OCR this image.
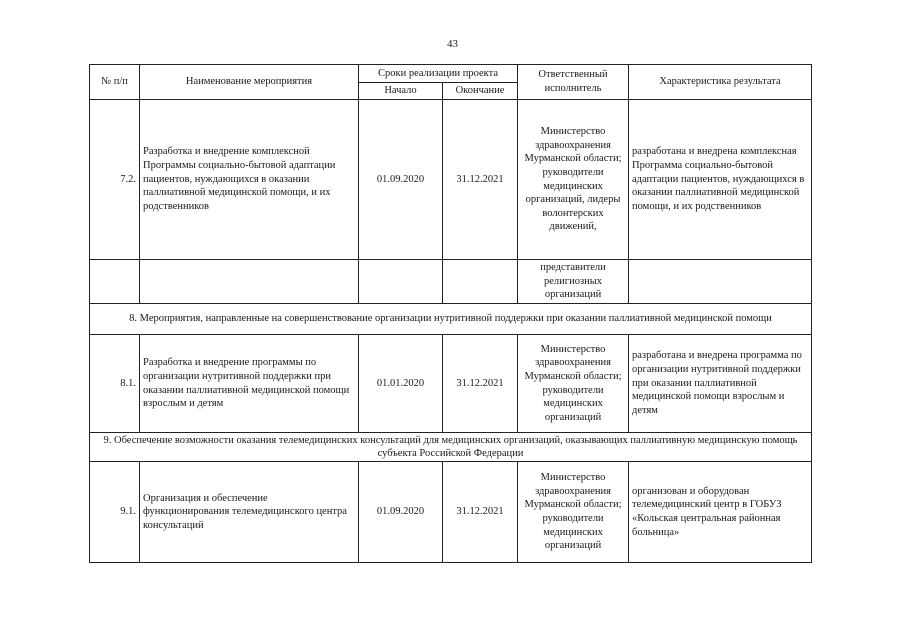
43
№ п/п	Наименование мероприятия	Сроки реализации проекта		Ответственный исполнитель	Характеристика результата
		Начало	Окончание		
7.2.	Разработка и внедрение комплексной Программы социально-бытовой адаптации пациентов, нуждающихся в оказании паллиативной медицинской помощи, и их родственников	01.09.2020	31.12.2021	Министерство здравоохранения Мурманской области; руководители медицинских организаций, лидеры волонтерских движений,	разработана и внедрена комплексная Программа социально-бытовой адаптации пациентов, нуждающихся в оказании паллиативной медицинской помощи, и их родственников
				представители религиозных организаций	
8. Мероприятия, направленные на совершенствование организации нутритивной поддержки при оказании паллиативной медицинской помощи					
8.1.	Разработка и внедрение программы по организации нутритивной поддержки при оказании паллиативной медицинской помощи взрослым и детям	01.01.2020	31.12.2021	Министерство здравоохранения Мурманской области; руководители медицинских организаций	разработана и внедрена программа по организации нутритивной поддержки при оказании паллиативной медицинской помощи взрослым и детям
9. Обеспечение возможности оказания телемедицинских консультаций для медицинских организаций, оказывающих паллиативную медицинскую помощь субъекта Российской Федерации					
9.1.	Организация и обеспечение функционирования телемедицинского центра консультаций	01.09.2020	31.12.2021	Министерство здравоохранения Мурманской области; руководители медицинских организаций	организован и оборудован телемедицинский центр в ГОБУЗ «Кольская центральная районная больница»
